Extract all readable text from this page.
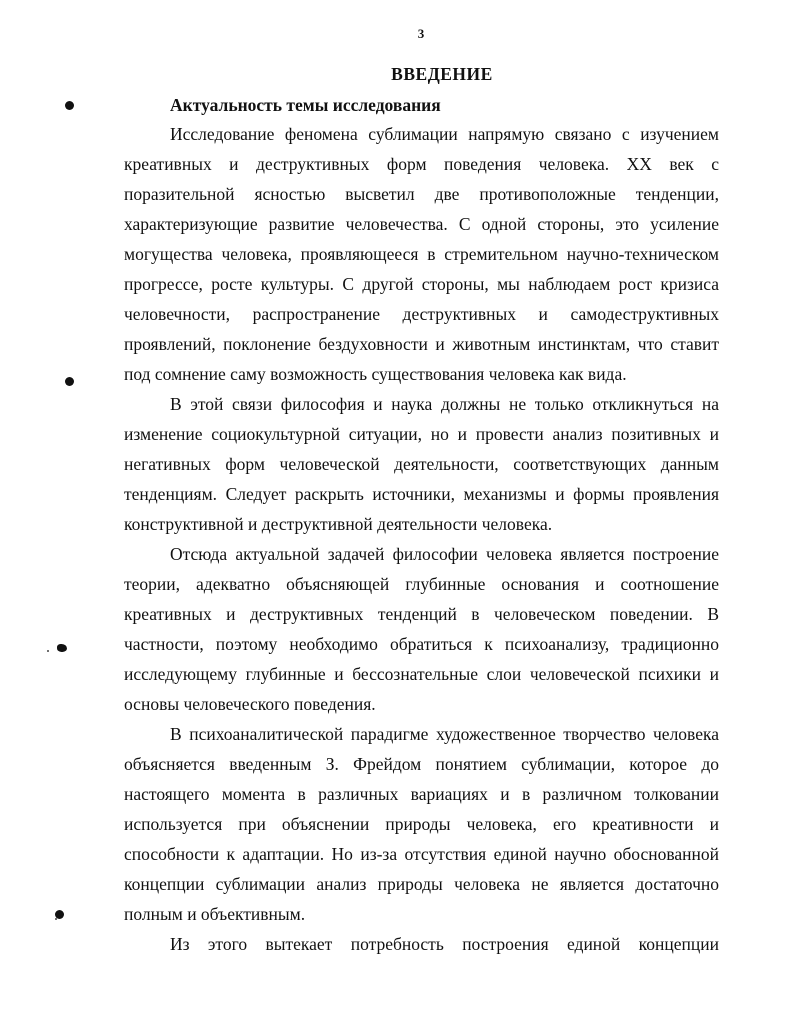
3
ВВЕДЕНИЕ
Актуальность темы исследования

Исследование феномена сублимации напрямую связано с изучением креативных и деструктивных форм поведения человека. XX век с поразительной ясностью высветил две противоположные тенденции, характеризующие развитие человечества. С одной стороны, это усиление могущества человека, проявляющееся в стремительном научно-техническом прогрессе, росте культуры. С другой стороны, мы наблюдаем рост кризиса человечности, распространение деструктивных и самодеструктивных проявлений, поклонение бездуховности и животным инстинктам, что ставит под сомнение саму возможность существования человека как вида.

В этой связи философия и наука должны не только откликнуться на изменение социокультурной ситуации, но и провести анализ позитивных и негативных форм человеческой деятельности, соответствующих данным тенденциям. Следует раскрыть источники, механизмы и формы проявления конструктивной и деструктивной деятельности человека.

Отсюда актуальной задачей философии человека является построение теории, адекватно объясняющей глубинные основания и соотношение креативных и деструктивных тенденций в человеческом поведении. В частности, поэтому необходимо обратиться к психоанализу, традиционно исследующему глубинные и бессознательные слои человеческой психики и основы человеческого поведения.

В психоаналитической парадигме художественное творчество человека объясняется введенным З. Фрейдом понятием сублимации, которое до настоящего момента в различных вариациях и в различном толковании используется при объяснении природы человека, его креативности и способности к адаптации. Но из-за отсутствия единой научно обоснованной концепции сублимации анализ природы человека не является достаточно полным и объективным.

Из этого вытекает потребность построения единой концепции
